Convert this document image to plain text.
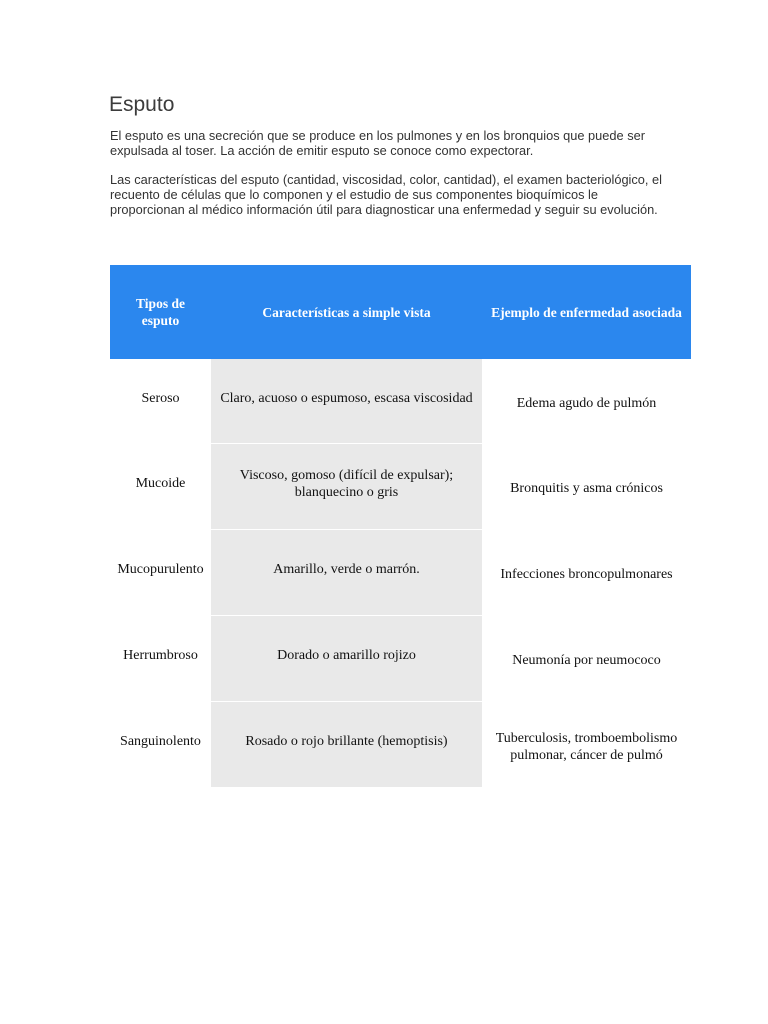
Esputo

El esputo es una secreción que se produce en los pulmones y en los bronquios que puede ser expulsada al toser. La acción de emitir esputo se conoce como expectorar.

Las características del esputo (cantidad, viscosidad, color, cantidad), el examen bacteriológico, el recuento de células que lo componen y el estudio de sus componentes bioquímicos le proporcionan al médico información útil para diagnosticar una enfermedad y seguir su evolución.

Tipos de esputo	Características a simple vista	Ejemplo de enfermedad asociada
Seroso	Claro, acuoso o espumoso, escasa viscosidad	Edema agudo de pulmón
Mucoide	Viscoso, gomoso (difícil de expulsar); blanquecino o gris	Bronquitis y asma crónicos
Mucopurulento	Amarillo, verde o marrón.	Infecciones broncopulmonares
Herrumbroso	Dorado o amarillo rojizo	Neumonía por neumococo
Sanguinolento	Rosado o rojo brillante (hemoptisis)	Tuberculosis, tromboembolismo pulmonar, cáncer de pulmó
